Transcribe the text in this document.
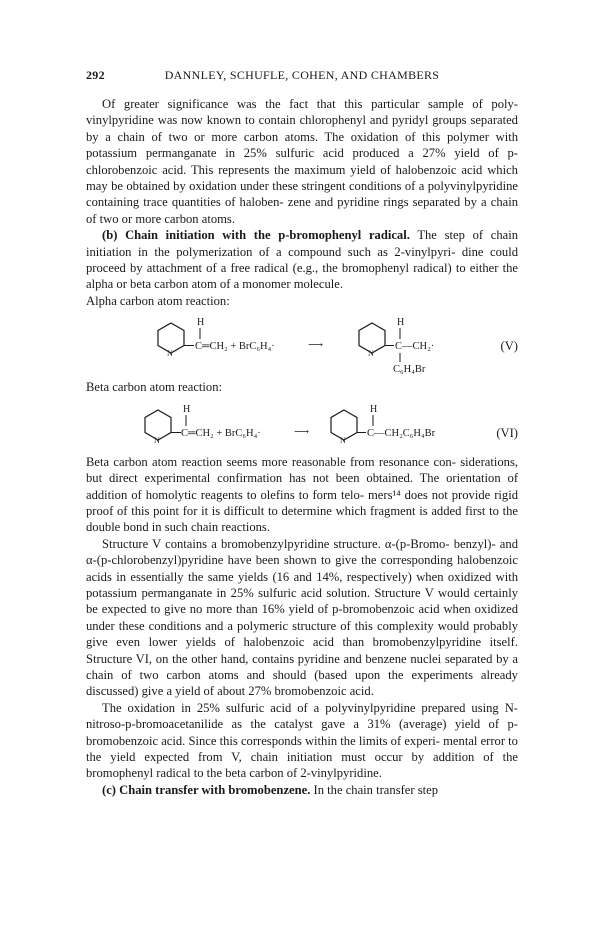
292	DANNLEY, SCHUFLE, COHEN, AND CHAMBERS

Of greater significance was the fact that this particular sample of poly- vinylpyridine was now known to contain chlorophenyl and pyridyl groups separated by a chain of two or more carbon atoms. The oxidation of this polymer with potassium permanganate in 25% sulfuric acid produced a 27% yield of p-chlorobenzoic acid. This represents the maximum yield of halobenzoic acid which may be obtained by oxidation under these stringent conditions of a polyvinylpyridine containing trace quantities of haloben- zene and pyridine rings separated by a chain of two or more carbon atoms.

(b) Chain initiation with the p-bromophenyl radical. The step of chain initiation in the polymerization of a compound such as 2-vinylpyri- dine could proceed by attachment of a free radical (e.g., the bromophenyl radical) to either the alpha or beta carbon atom of a monomer molecule.

Alpha carbon atom reaction:

H
N
C═CH₂ + BrC₆H₄·	⟶
H
N
C—CH₂·
C₆H₄Br
(V)

Beta carbon atom reaction:

H
N
C═CH₂ + BrC₆H₄·	⟶
H
N
C—CH₂C₆H₄Br	(VI)

Beta carbon atom reaction seems more reasonable from resonance con- siderations, but direct experimental confirmation has not been obtained. The orientation of addition of homolytic reagents to olefins to form telo- mers¹⁴ does not provide rigid proof of this point for it is difficult to determine which fragment is added first to the double bond in such chain reactions.

Structure V contains a bromobenzylpyridine structure. α-(p-Bromo- benzyl)- and α-(p-chlorobenzyl)pyridine have been shown to give the corresponding halobenzoic acids in essentially the same yields (16 and 14%, respectively) when oxidized with potassium permanganate in 25% sulfuric acid solution. Structure V would certainly be expected to give no more than 16% yield of p-bromobenzoic acid when oxidized under these conditions and a polymeric structure of this complexity would probably give even lower yields of halobenzoic acid than bromobenzylpyridine itself. Structure VI, on the other hand, contains pyridine and benzene nuclei separated by a chain of two carbon atoms and should (based upon the experiments already discussed) give a yield of about 27% bromobenzoic acid.

The oxidation in 25% sulfuric acid of a polyvinylpyridine prepared using N-nitroso-p-bromoacetanilide as the catalyst gave a 31% (average) yield of p-bromobenzoic acid. Since this corresponds within the limits of experi- mental error to the yield expected from V, chain initiation must occur by addition of the bromophenyl radical to the beta carbon of 2-vinylpyridine.

(c) Chain transfer with bromobenzene. In the chain transfer step
